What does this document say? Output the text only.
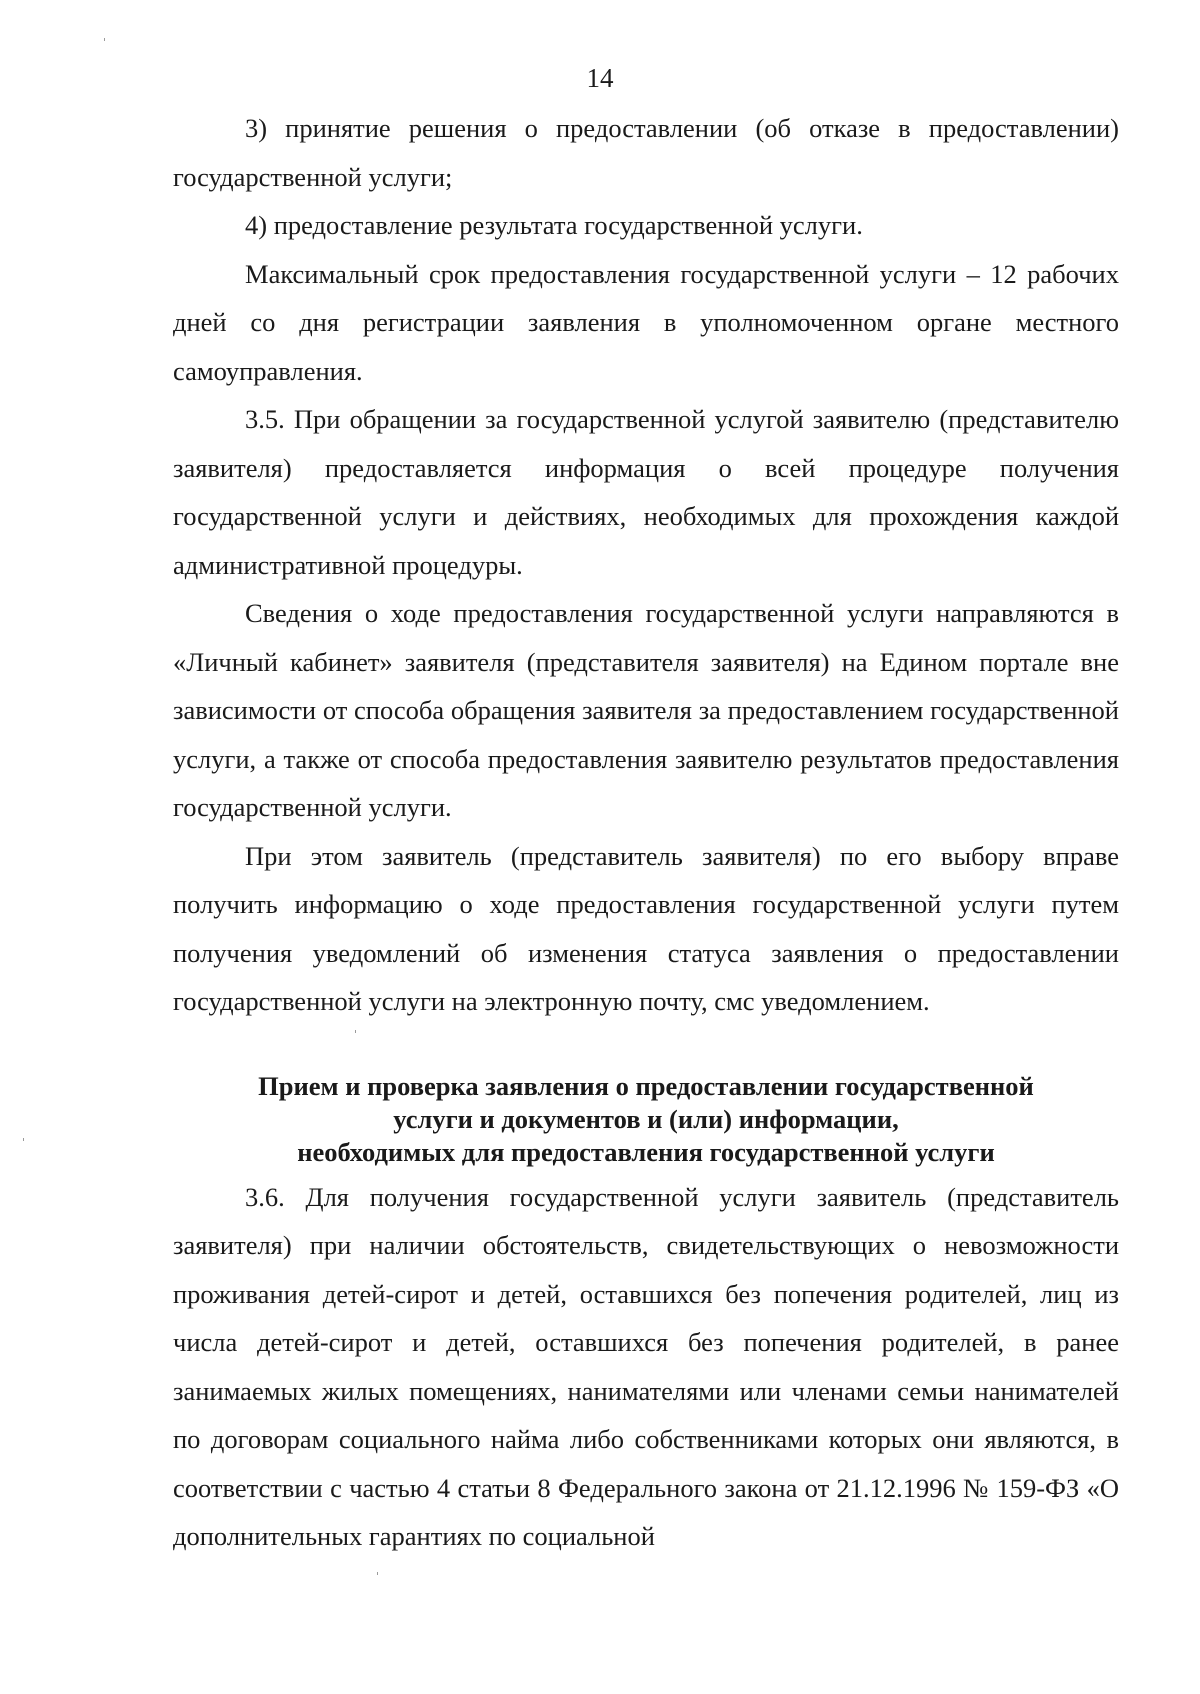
14

3) принятие решения о предоставлении (об отказе в предоставлении) государственной услуги;

4) предоставление результата государственной услуги.

Максимальный срок предоставления государственной услуги – 12 рабочих дней со дня регистрации заявления в уполномоченном органе местного самоуправления.

3.5. При обращении за государственной услугой заявителю (представителю заявителя) предоставляется информация о всей процедуре получения государственной услуги и действиях, необходимых для прохождения каждой административной процедуры.

Сведения о ходе предоставления государственной услуги направляются в «Личный кабинет» заявителя (представителя заявителя) на Едином портале вне зависимости от способа обращения заявителя за предоставлением государственной услуги, а также от способа предоставления заявителю результатов предоставления государственной услуги.

При этом заявитель (представитель заявителя) по его выбору вправе получить информацию о ходе предоставления государственной услуги путем получения уведомлений об изменения статуса заявления о предоставлении государственной услуги на электронную почту, смс уведомлением.

Прием и проверка заявления о предоставлении государственной
услуги и документов и (или) информации,
необходимых для предоставления государственной услуги

3.6. Для получения государственной услуги заявитель (представитель заявителя) при наличии обстоятельств, свидетельствующих о невозможности проживания детей-сирот и детей, оставшихся без попечения родителей, лиц из числа детей-сирот и детей, оставшихся без попечения родителей, в ранее занимаемых жилых помещениях, нанимателями или членами семьи нанимателей по договорам социального найма либо собственниками которых они являются, в соответствии с частью 4 статьи 8 Федерального закона от 21.12.1996 № 159-ФЗ «О дополнительных гарантиях по социальной
